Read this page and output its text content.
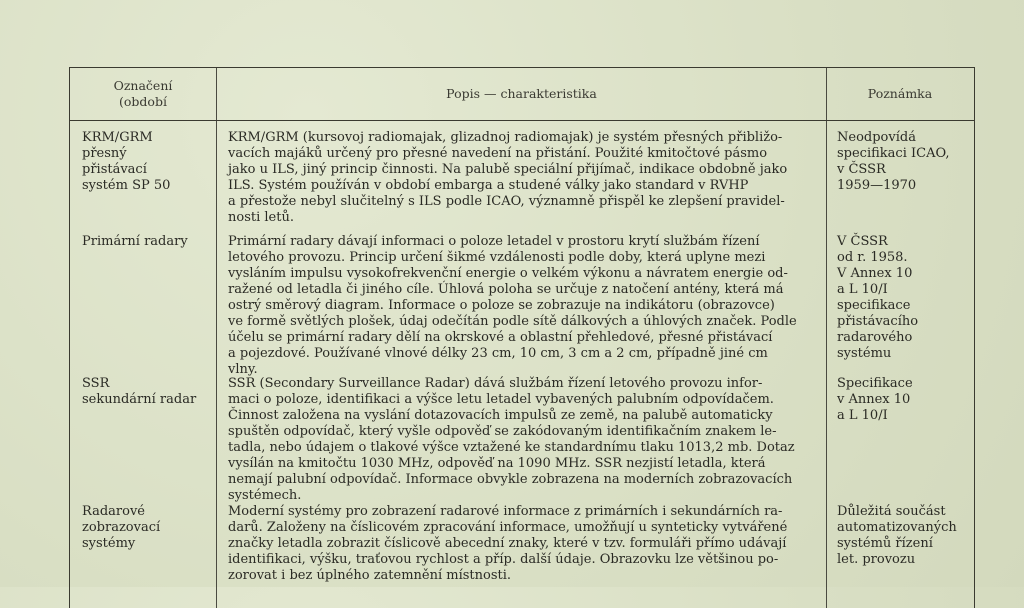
Označení
(období
Popis — charakteristika	Poznámka
KRM/GRM
přesný
přistávací
systém SP 50
KRM/GRM (kursovoj radiomajak, glizadnoj radiomajak) je systém přesných přibližo-
vacích majáků určený pro přesné navedení na přistání. Použité kmitočtové pásmo
jako u ILS, jiný princip činnosti. Na palubě speciální přijímač, indikace obdobně jako
ILS. Systém používán v období embarga a studené války jako standard v RVHP
a přestože nebyl slučitelný s ILS podle ICAO, významně přispěl ke zlepšení pravidel-
nosti letů.
Neodpovídá
specifikaci ICAO,
v ČSSR
1959—1970
Primární radary	Primární radary dávají informaci o poloze letadel v prostoru krytí službám řízení
letového provozu. Princip určení šikmé vzdálenosti podle doby, která uplyne mezi
vysláním impulsu vysokofrekvenční energie o velkém výkonu a návratem energie od-
ražené od letadla či jiného cíle. Úhlová poloha se určuje z natočení antény, která má
ostrý směrový diagram. Informace o poloze se zobrazuje na indikátoru (obrazovce)
ve formě světlých plošek, údaj odečítán podle sítě dálkových a úhlových značek. Podle
účelu se primární radary dělí na okrskové a oblastní přehledové, přesné přistávací
a pojezdové. Používané vlnové délky 23 cm, 10 cm, 3 cm a 2 cm, případně jiné cm
vlny.
V ČSSR
od r. 1958.
V Annex 10
a L 10/I
specifikace
přistávacího
radarového
systému
SSR
sekundární radar
SSR (Secondary Surveillance Radar) dává službám řízení letového provozu infor-
maci o poloze, identifikaci a výšce letu letadel vybavených palubním odpovídačem.
Činnost založena na vyslání dotazovacích impulsů ze země, na palubě automaticky
spuštěn odpovídač, který vyšle odpověď se zakódovaným identifikačním znakem le-
tadla, nebo údajem o tlakové výšce vztažené ke standardnímu tlaku 1013,2 mb. Dotaz
vysílán na kmitočtu 1030 MHz, odpověď na 1090 MHz. SSR nezjistí letadla, která
nemají palubní odpovídač. Informace obvykle zobrazena na moderních zobrazovacích
systémech.
Specifikace
v Annex 10
a L 10/I
Radarové
zobrazovací
systémy
Moderní systémy pro zobrazení radarové informace z primárních i sekundárních ra-
darů. Založeny na číslicovém zpracování informace, umožňují u synteticky vytvářené
značky letadla zobrazit číslicově abecední znaky, které v tzv. formuláři přímo udávají
identifikaci, výšku, traťovou rychlost a příp. další údaje. Obrazovku lze většinou po-
zorovat i bez úplného zatemnění místnosti.
Důležitá součást
automatizovaných
systémů řízení
let. provozu
